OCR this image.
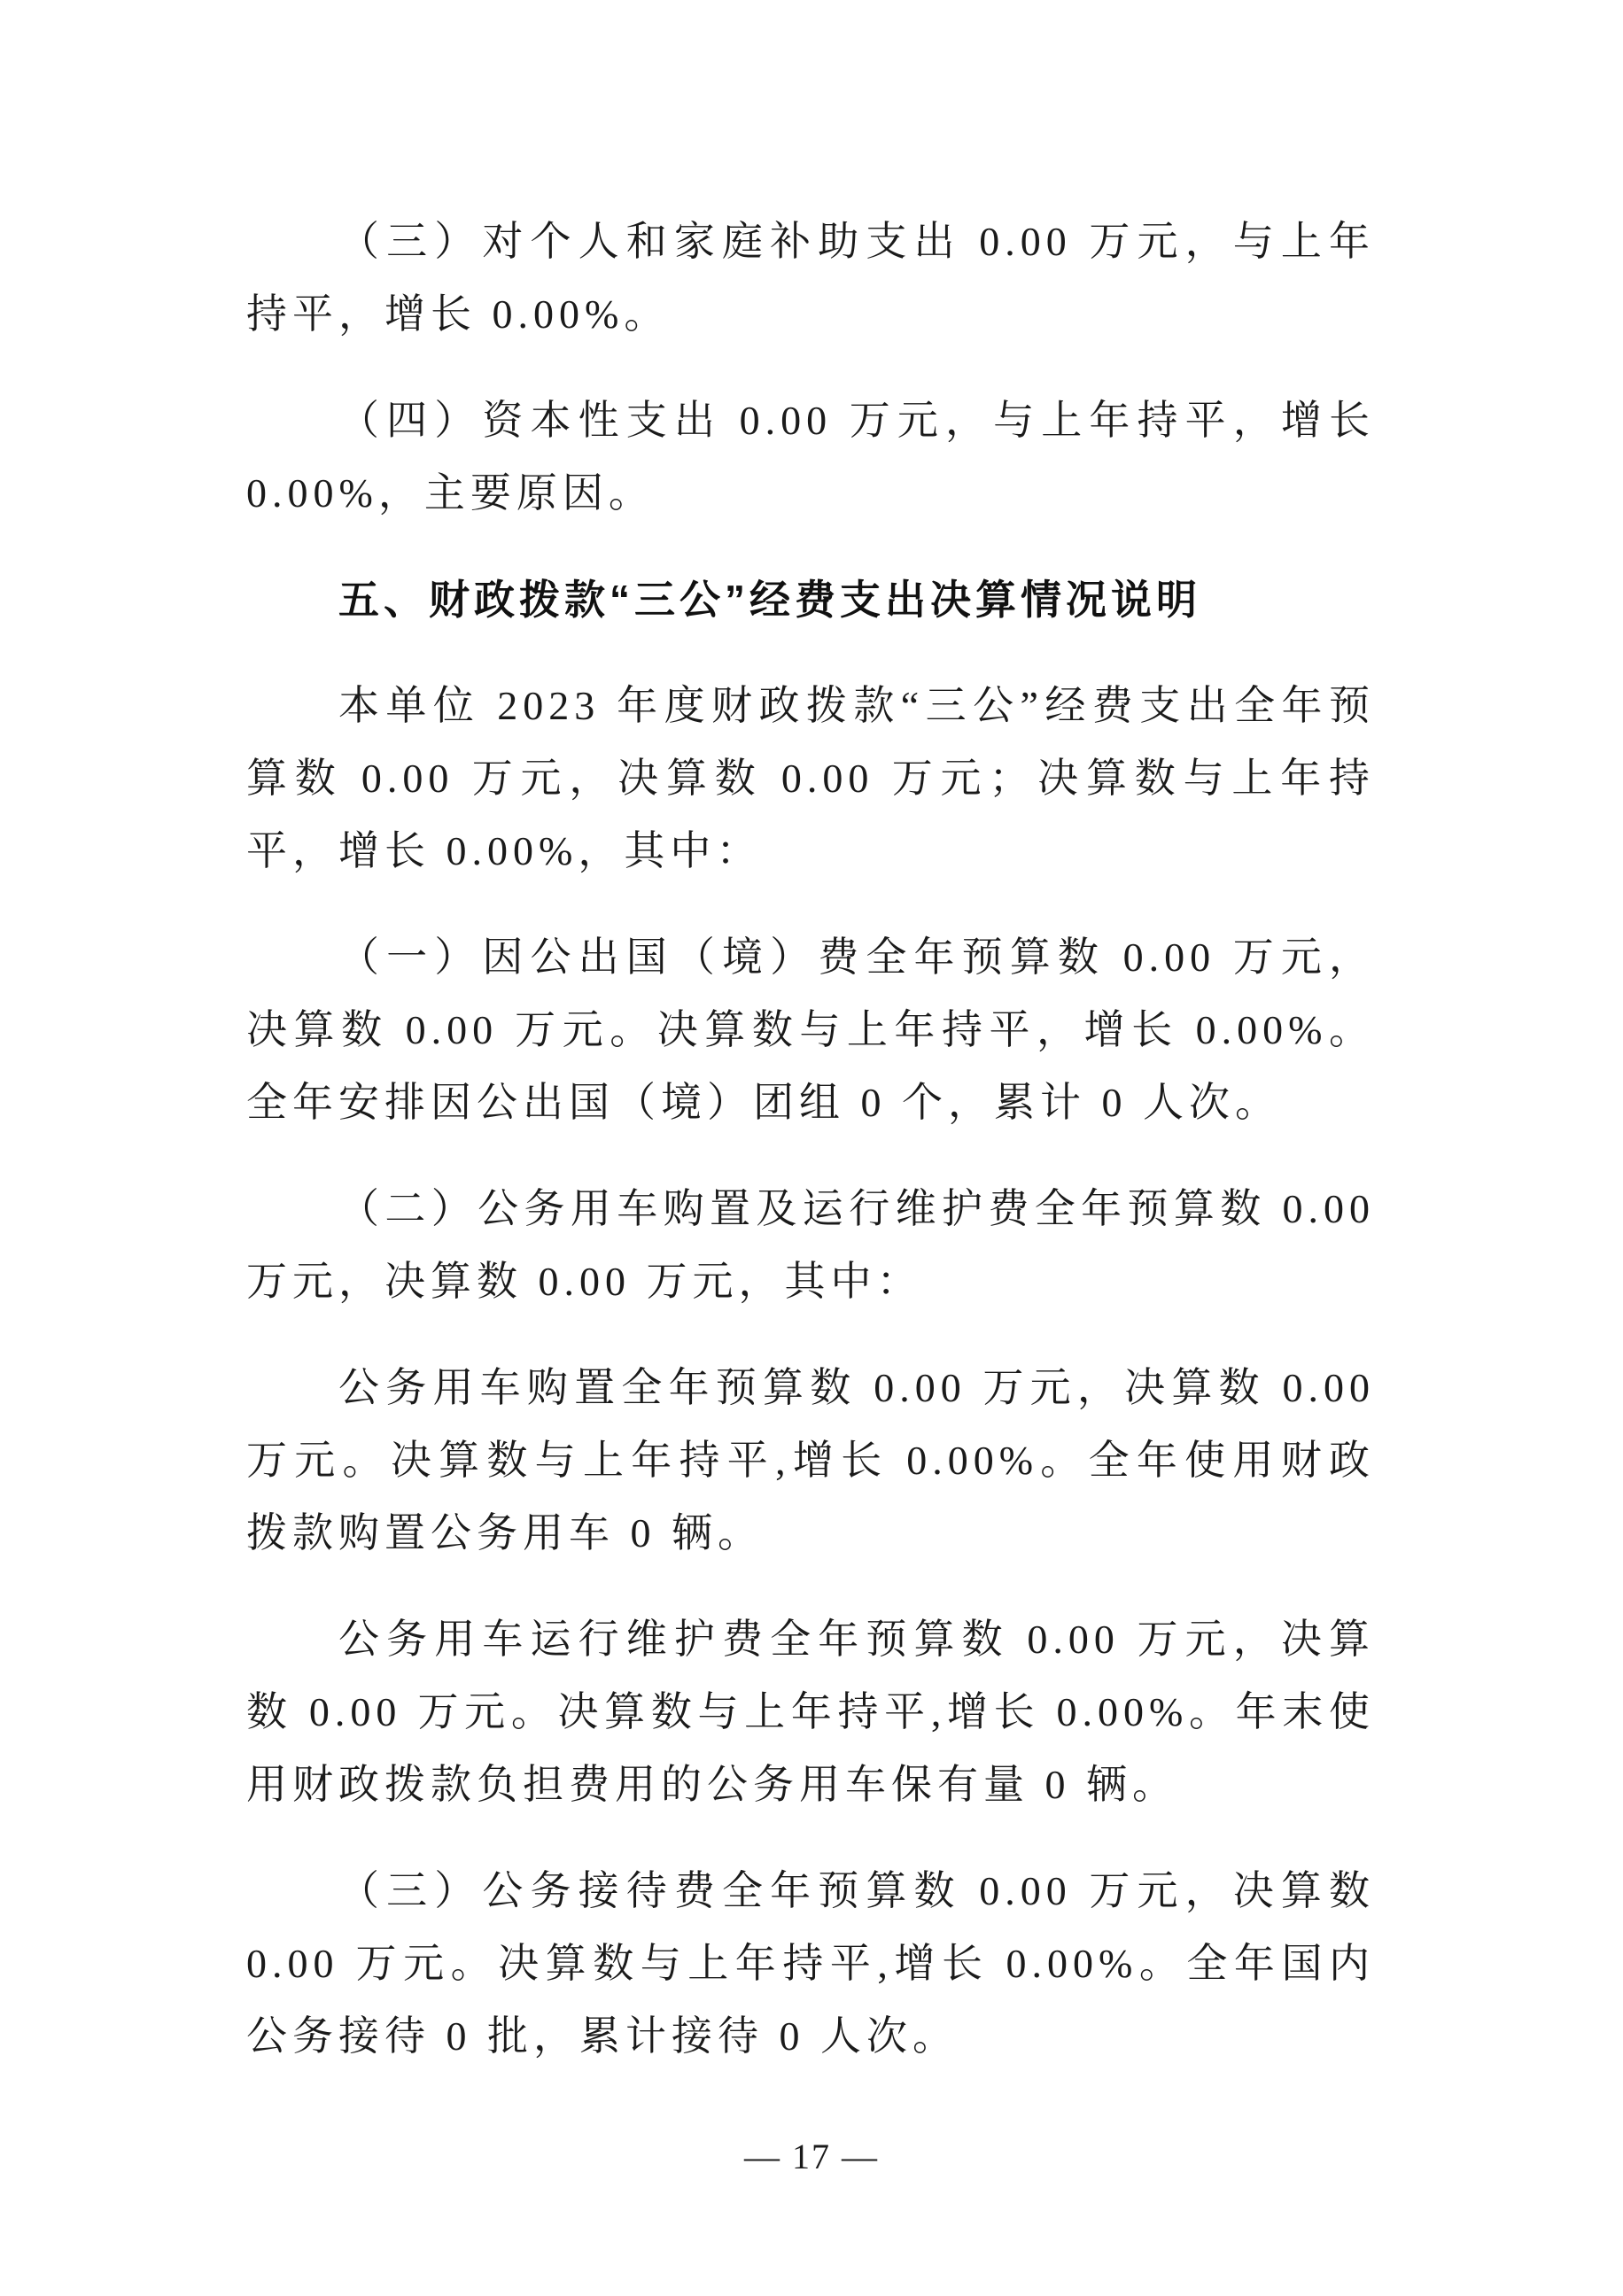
（三）对个人和家庭补助支出 0.00 万元，与上年持平，增长 0.00%。

（四）资本性支出 0.00 万元，与上年持平，增长 0.00%，主要原因。

五、财政拨款“三公”经费支出决算情况说明

本单位 2023 年度财政拨款“三公”经费支出全年预算数 0.00 万元，决算数 0.00 万元；决算数与上年持平，增长 0.00%，其中：

（一）因公出国（境）费全年预算数 0.00 万元，决算数 0.00 万元。决算数与上年持平，增长 0.00%。全年安排因公出国（境）团组 0 个，累计 0 人次。

（二）公务用车购置及运行维护费全年预算数 0.00 万元，决算数 0.00 万元，其中：

公务用车购置全年预算数 0.00 万元，决算数 0.00 万元。决算数与上年持平,增长 0.00%。全年使用财政拨款购置公务用车 0 辆。

公务用车运行维护费全年预算数 0.00 万元，决算数 0.00 万元。决算数与上年持平,增长 0.00%。年末使用财政拨款负担费用的公务用车保有量 0 辆。

（三）公务接待费全年预算数 0.00 万元，决算数 0.00 万元。决算数与上年持平,增长 0.00%。全年国内公务接待 0 批，累计接待 0 人次。

— 17 —
